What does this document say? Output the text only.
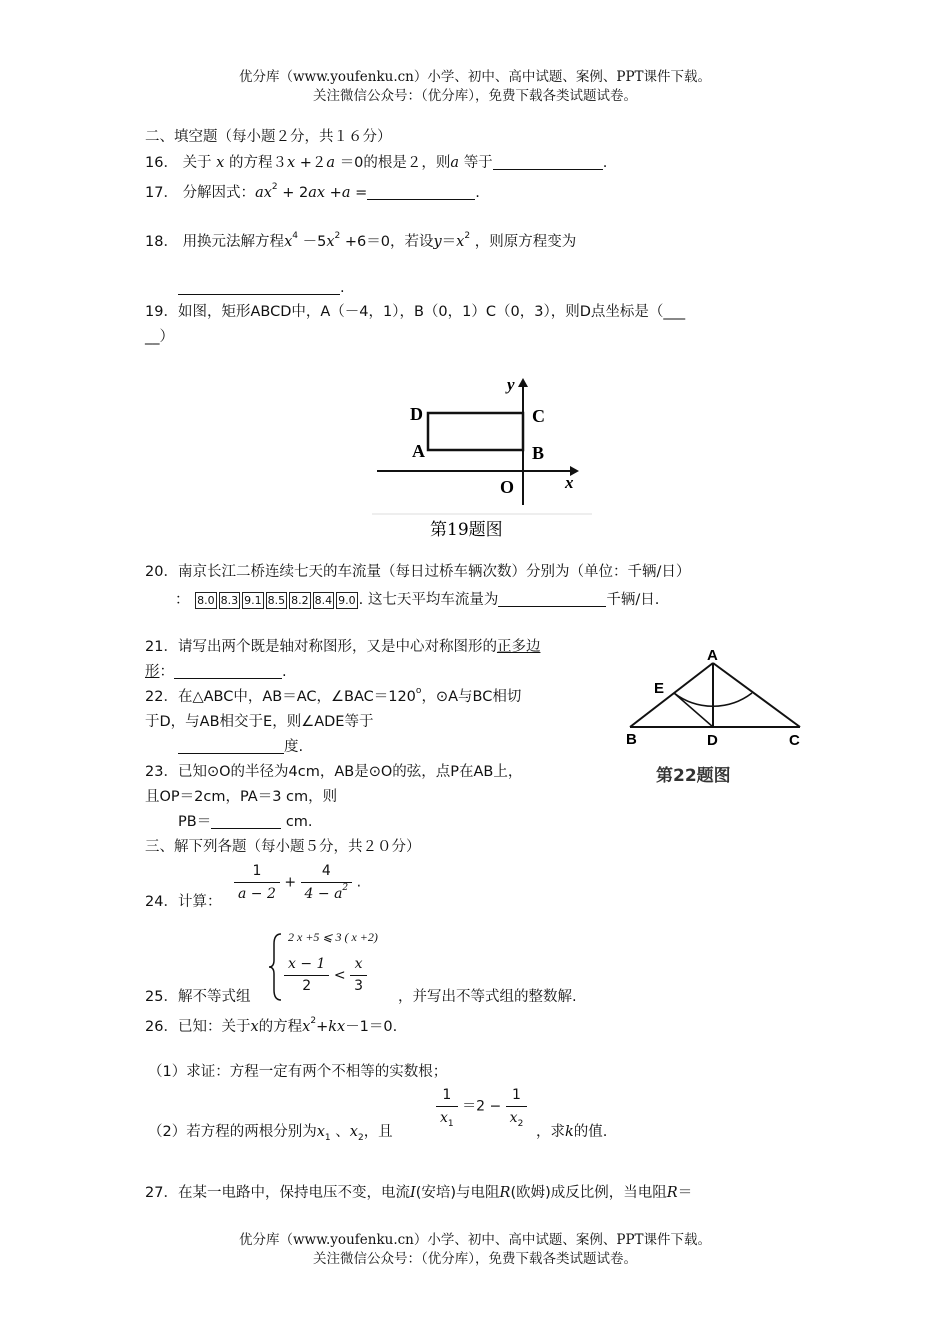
优分库（www.youfenku.cn）小学、初中、高中试题、案例、PPT课件下载。
关注微信公众号：（优分库），免费下载各类试题试卷。
二、填空题（每小题２分，共１６分）
16． 关于 x 的方程３x +２a ＝0的根是２，则a 等于	.
17． 分解因式：$ax^2 + 2ax +a$ =	.
18． 用换元法解方程$x^4 -5x^2 +6=0$，若设$y=x^2$ ，则原方程变为
.
19．如图，矩形ABCD中，A（－4，1），B（0，1）C（0，3），则D点坐标是（___
__）
D	C
A	B
O	x
y
第19题图
20．南京长江二桥连续七天的车流量（每日过桥车辆次数）分别为（单位：千辆/日）
： 8.0 8.3 9.1 8.5 8.2 8.4 9.0 . 这七天平均车流量为	千辆/日.
21．请写出两个既是轴对称图形，又是中心对称图形的正多边
形：	.
22．在△ABC中，AB＝AC，$\angle BAC=120^o$，⊙A与BC相切
于D，与AB相交于E，则∠ADE等于
度.
A
E
B	D	C
第22题图
23．已知⊙O的半径为4cm，AB是⊙O的弦，点P在AB上，
且OP＝2cm，PA＝3 cm，则
PB＝	cm.
三、解下列各题（每小题５分，共２０分）
24．计算： $\frac{1}{a - 2} + \frac{4}{4 - a^2}$ .
25．解不等式组
2 x +5 ⩽ 3 ( x +2)
$\frac{x - 1}{2} < \frac{x}{3}$ ，并写出不等式组的整数解.
26．已知：关于x的方程$x^2+kx-1=0$.
（1）求证：方程一定有两个不相等的实数根；
（2）若方程的两根分别为$x_1$ 、$x_2$，且
$\frac{1}{x_1} =2 - \frac{1}{x_2}$
，求k的值.
27．在某一电路中，保持电压不变，电流I(安培)与电阻R(欧姆)成反比例，当电阻R＝
优分库（www.youfenku.cn）小学、初中、高中试题、案例、PPT课件下载。
关注微信公众号：（优分库），免费下载各类试题试卷。
